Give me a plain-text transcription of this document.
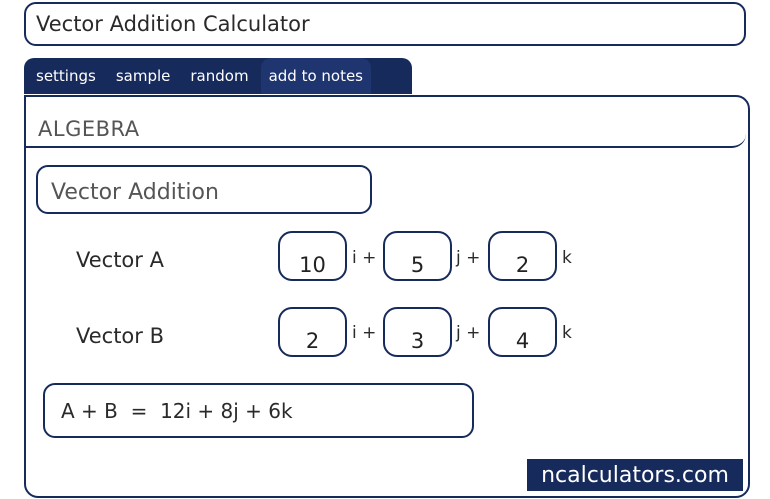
Vector Addition Calculator
settings	sample	random	add to notes
ALGEBRA
Vector Addition
Vector A	10	i +	5	j +	2	k
Vector B	2	i +	3	j +	4	k
A + B  =  12i + 8j + 6k
ncalculators.com
